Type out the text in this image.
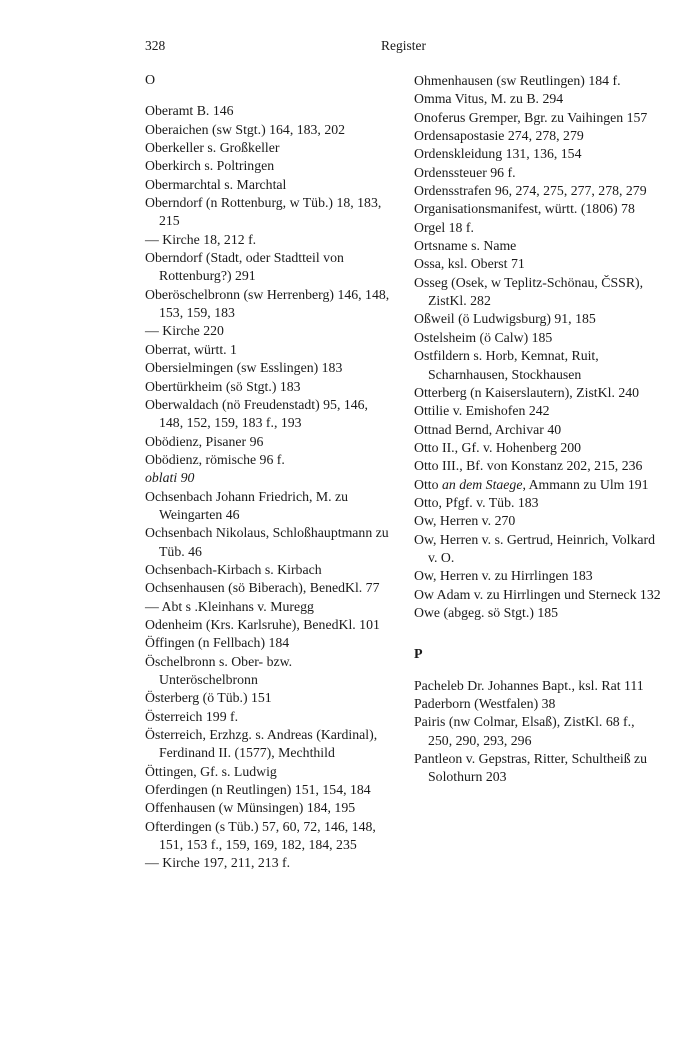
328	Register
O
Oberamt B. 146
Oberaichen (sw Stgt.) 164, 183, 202
Oberkeller s. Großkeller
Oberkirch s. Poltringen
Obermarchtal s. Marchtal
Oberndorf (n Rottenburg, w Tüb.) 18, 183, 215
— Kirche 18, 212 f.
Oberndorf (Stadt, oder Stadtteil von Rottenburg?) 291
Oberöschelbronn (sw Herrenberg) 146, 148, 153, 159, 183
— Kirche 220
Oberrat, württ. 1
Obersielmingen (sw Esslingen) 183
Obertürkheim (sö Stgt.) 183
Oberwaldach (nö Freudenstadt) 95, 146, 148, 152, 159, 183 f., 193
Obödienz, Pisaner 96
Obödienz, römische 96 f.
oblati 90
Ochsenbach Johann Friedrich, M. zu Weingarten 46
Ochsenbach Nikolaus, Schloßhauptmann zu Tüb. 46
Ochsenbach-Kirbach s. Kirbach
Ochsenhausen (sö Biberach), BenedKl. 77
— Abt s .Kleinhans v. Muregg
Odenheim (Krs. Karlsruhe), BenedKl. 101
Öffingen (n Fellbach) 184
Öschelbronn s. Ober- bzw. Unteröschelbronn
Österberg (ö Tüb.) 151
Österreich 199 f.
Österreich, Erzhzg. s. Andreas (Kardinal), Ferdinand II. (1577), Mechthild
Öttingen, Gf. s. Ludwig
Oferdingen (n Reutlingen) 151, 154, 184
Offenhausen (w Münsingen) 184, 195
Ofterdingen (s Tüb.) 57, 60, 72, 146, 148, 151, 153 f., 159, 169, 182, 184, 235
— Kirche 197, 211, 213 f.
Ohmenhausen (sw Reutlingen) 184 f.
Omma Vitus, M. zu B. 294
Onoferus Gremper, Bgr. zu Vaihingen 157
Ordensapostasie 274, 278, 279
Ordenskleidung 131, 136, 154
Ordenssteuer 96 f.
Ordensstrafen 96, 274, 275, 277, 278, 279
Organisationsmanifest, württ. (1806) 78
Orgel 18 f.
Ortsname s. Name
Ossa, ksl. Oberst 71
Osseg (Osek, w Teplitz-Schönau, ČSSR), ZistKl. 282
Oßweil (ö Ludwigsburg) 91, 185
Ostelsheim (ö Calw) 185
Ostfildern s. Horb, Kemnat, Ruit, Scharnhausen, Stockhausen
Otterberg (n Kaiserslautern), ZistKl. 240
Ottilie v. Emishofen 242
Ottnad Bernd, Archivar 40
Otto II., Gf. v. Hohenberg 200
Otto III., Bf. von Konstanz 202, 215, 236
Otto an dem Staege, Ammann zu Ulm 191
Otto, Pfgf. v. Tüb. 183
Ow, Herren v. 270
Ow, Herren v. s. Gertrud, Heinrich, Volkard v. O.
Ow, Herren v. zu Hirrlingen 183
Ow Adam v. zu Hirrlingen und Sterneck 132
Owe (abgeg. sö Stgt.) 185
P
Pacheleb Dr. Johannes Bapt., ksl. Rat 111
Paderborn (Westfalen) 38
Pairis (nw Colmar, Elsaß), ZistKl. 68 f., 250, 290, 293, 296
Pantleon v. Gepstras, Ritter, Schultheiß zu Solothurn 203
